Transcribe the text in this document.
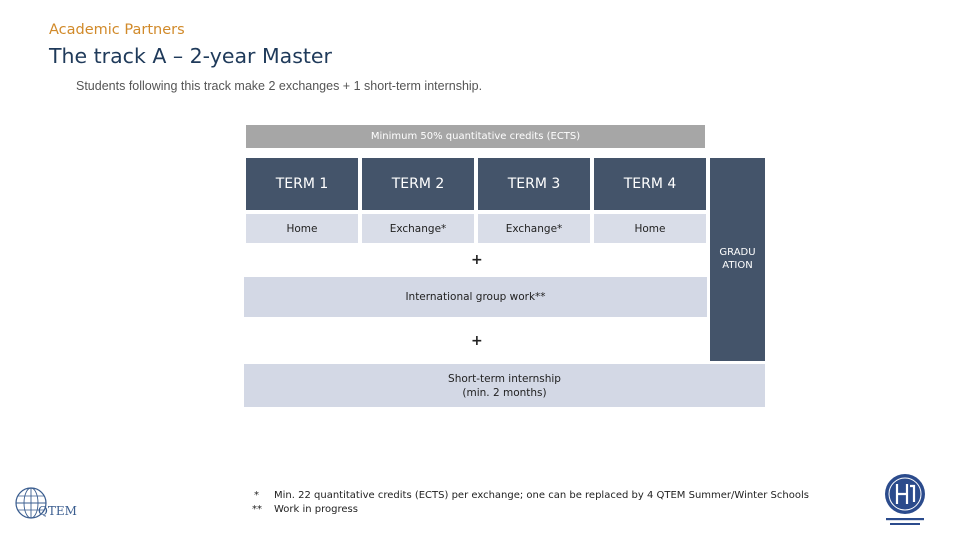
Academic Partners
The track A – 2-year Master
Students following this track make 2 exchanges + 1 short-term internship.
Minimum 50% quantitative credits (ECTS)
TERM 1	TERM 2	TERM 3	TERM 4
Home	Exchange*	Exchange*	Home
GRADU
ATION
+
International group work**
+
Short-term internship
(min. 2 months)
* Min. 22 quantitative credits (ECTS) per exchange; one can be replaced by 4 QTEM Summer/Winter Schools
** Work in progress
QTEM
